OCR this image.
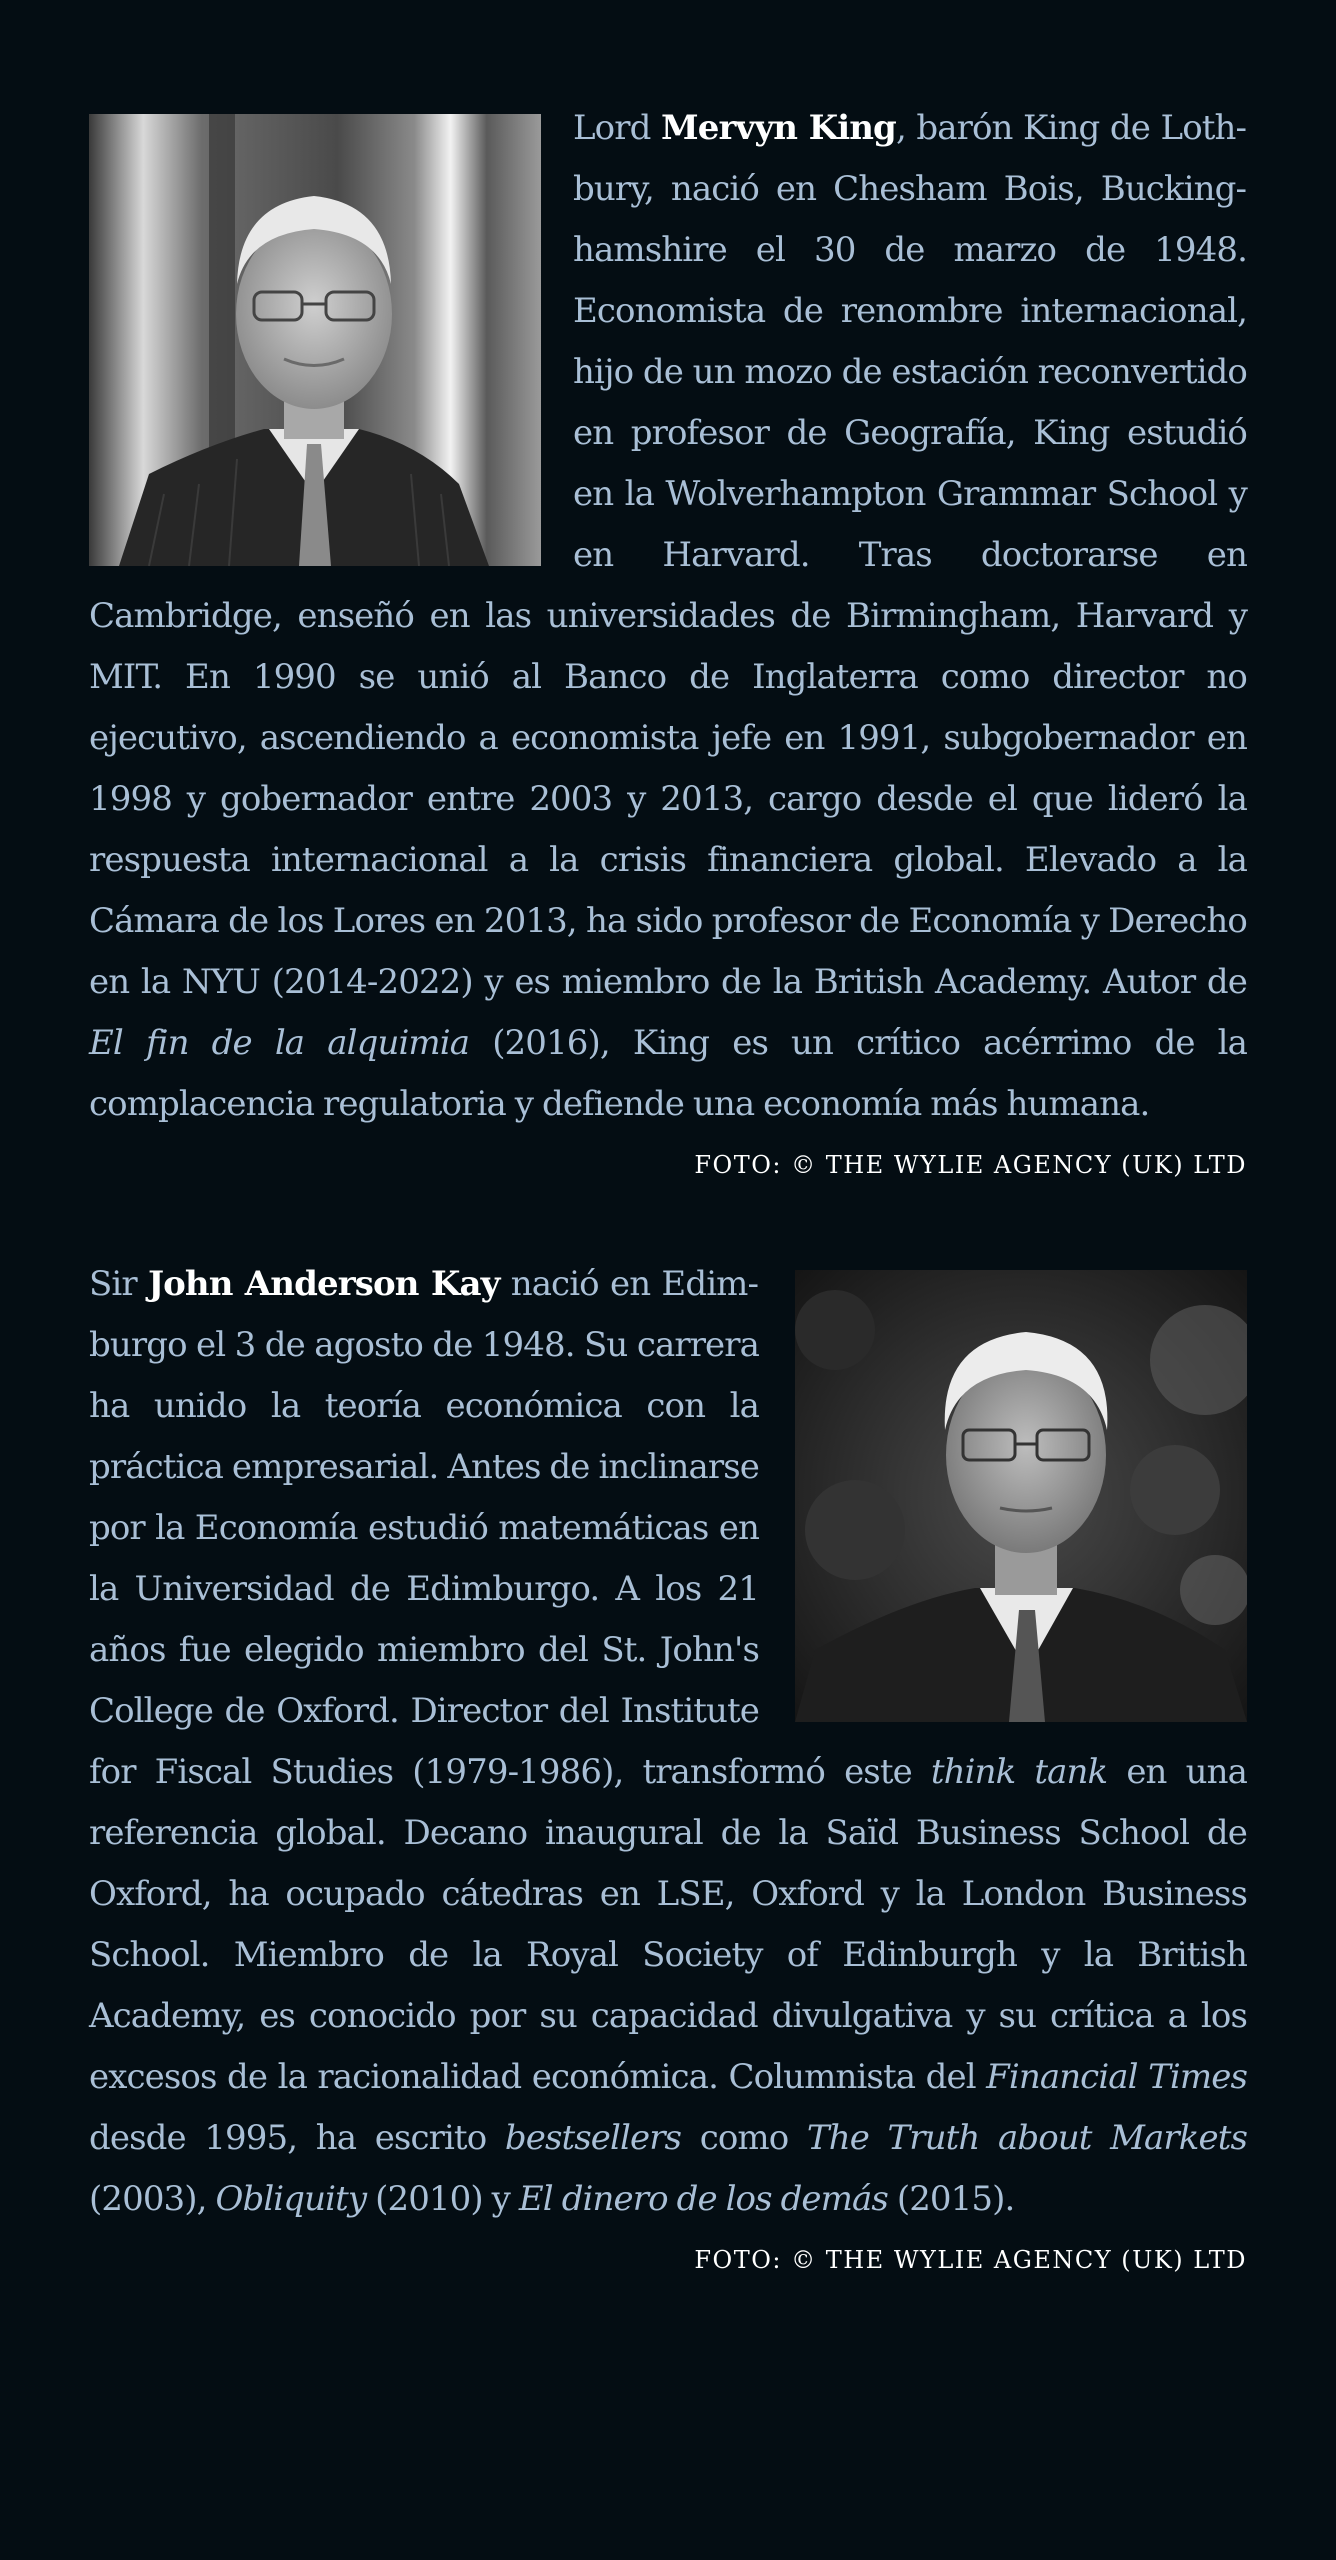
Lord Mervyn King, barón King de Lothbury, nació en Chesham Bois, Buckinghamshire el 30 de marzo de 1948. Economista de renombre internacional, hijo de un mozo de estación reconvertido en profesor de Geografía, King estudió en la Wolverhampton Grammar School y en Harvard. Tras doctorarse en Cambridge, enseñó en las universidades de Birmingham, Harvard y MIT. En 1990 se unió al Banco de Inglaterra como director no ejecutivo, ascendiendo a economista jefe en 1991, subgobernador en 1998 y gobernador entre 2003 y 2013, cargo desde el que lideró la respuesta internacional a la crisis financiera global. Elevado a la Cámara de los Lores en 2013, ha sido profesor de Economía y Derecho en la NYU (2014-2022) y es miembro de la British Academy. Autor de El fin de la alquimia (2016), King es un crítico acérrimo de la complacencia regulatoria y defiende una economía más humana.
FOTO: © THE WYLIE AGENCY (UK) LTD
Sir John Anderson Kay nació en Edimburgo el 3 de agosto de 1948. Su carrera ha unido la teoría económica con la práctica empresarial. Antes de inclinarse por la Economía estudió matemáticas en la Universidad de Edimburgo. A los 21 años fue elegido miembro del St. John's College de Oxford. Director del Institute for Fiscal Studies (1979-1986), transformó este think tank en una referencia global. Decano inaugural de la Saïd Business School de Oxford, ha ocupado cátedras en LSE, Oxford y la London Business School. Miembro de la Royal Society of Edinburgh y la British Academy, es conocido por su capacidad divulgativa y su crítica a los excesos de la racionalidad económica. Columnista del Financial Times desde 1995, ha escrito bestsellers como The Truth about Markets (2003), Obliquity (2010) y El dinero de los demás (2015).
FOTO: © THE WYLIE AGENCY (UK) LTD
